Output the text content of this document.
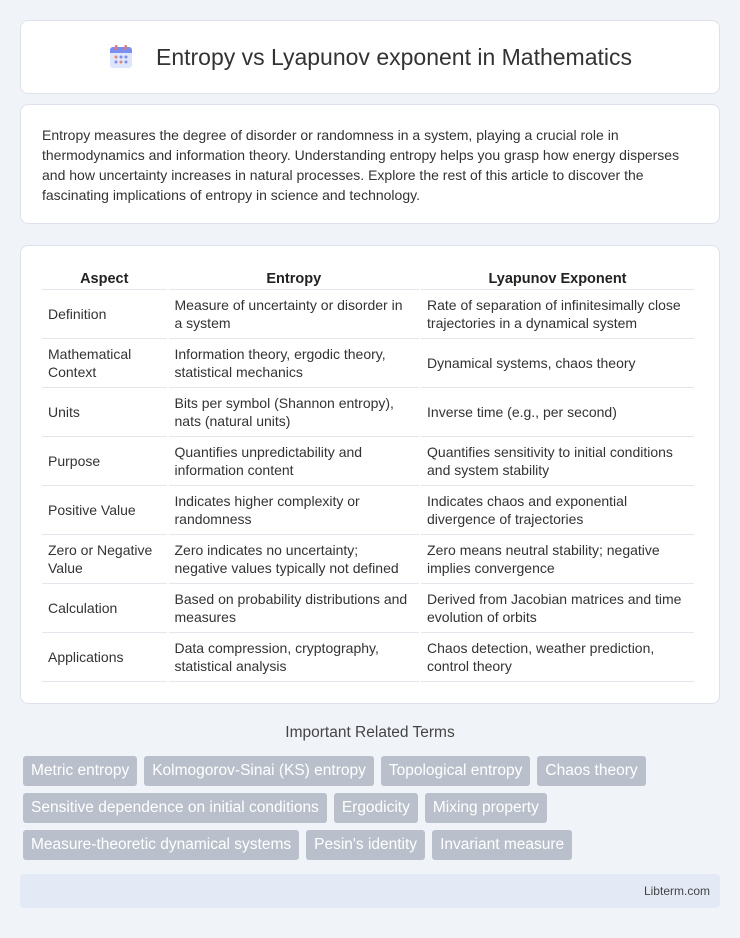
Entropy vs Lyapunov exponent in Mathematics

Entropy measures the degree of disorder or randomness in a system, playing a crucial role in thermodynamics and information theory. Understanding entropy helps you grasp how energy disperses and how uncertainty increases in natural processes. Explore the rest of this article to discover the fascinating implications of entropy in science and technology.

Aspect	Entropy	Lyapunov Exponent
Definition	Measure of uncertainty or disorder in a system	Rate of separation of infinitesimally close trajectories in a dynamical system
Mathematical Context	Information theory, ergodic theory, statistical mechanics	Dynamical systems, chaos theory
Units	Bits per symbol (Shannon entropy), nats (natural units)	Inverse time (e.g., per second)
Purpose	Quantifies unpredictability and information content	Quantifies sensitivity to initial conditions and system stability
Positive Value	Indicates higher complexity or randomness	Indicates chaos and exponential divergence of trajectories
Zero or Negative Value	Zero indicates no uncertainty; negative values typically not defined	Zero means neutral stability; negative implies convergence
Calculation	Based on probability distributions and measures	Derived from Jacobian matrices and time evolution of orbits
Applications	Data compression, cryptography, statistical analysis	Chaos detection, weather prediction, control theory
Important Related Terms
Metric entropy	Kolmogorov-Sinai (KS) entropy	Topological entropy	Chaos theory
Sensitive dependence on initial conditions	Ergodicity	Mixing property
Measure-theoretic dynamical systems	Pesin's identity	Invariant measure
Libterm.com
